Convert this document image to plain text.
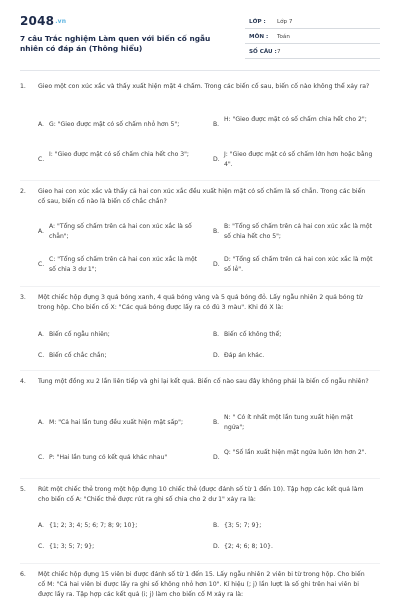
2048.vn
7 câu Trắc nghiệm Làm quen với biến cố ngẫu nhiên có đáp án (Thông hiểu)
LỚP : Lớp 7
MÔN : Toán
SỐ CÂU : 7
1.	Gieo một con xúc xắc và thấy xuất hiện mặt 4 chấm. Trong các biến cố sau, biến cố nào không thể xảy ra?
A. G: "Gieo được mặt có số chấm nhỏ hơn 5";	B.
H: "Gieo được mặt có số chấm chia hết cho 2";
C.
I: "Gieo được mặt có số chấm chia hết cho 3";
D.
J: "Gieo được mặt có số chấm lớn hơn hoặc bằng 4".
2.	Gieo hai con xúc xắc và thấy cả hai con xúc xắc đều xuất hiện mặt có số chấm là số chẵn. Trong các biến cố sau, biến cố nào là biến cố chắc chắn?
A.
A: "Tổng số chấm trên cả hai con xúc xắc là số chẵn";
B.
B: "Tổng số chấm trên cả hai con xúc xắc là một số chia hết cho 5";
C.
C: "Tổng số chấm trên cả hai con xúc xắc là một số chia 3 dư 1";
D.
D: "Tổng số chấm trên cả hai con xúc xắc là một số lẻ".
3.	Một chiếc hộp đựng 3 quả bóng xanh, 4 quả bóng vàng và 5 quả bóng đỏ. Lấy ngẫu nhiên 2 quả bóng từ trong hộp. Cho biến cố X: "Các quả bóng được lấy ra có đủ 3 màu". Khi đó X là:
A. Biến cố ngẫu nhiên;	B. Biến cố không thể;
C. Biến cố chắc chắn;	D. Đáp án khác.
4.	Tung một đồng xu 2 lần liên tiếp và ghi lại kết quả. Biến cố nào sau đây không phải là biến cố ngẫu nhiên?
A. M: "Cả hai lần tung đều xuất hiện mặt sấp";	B.
N: " Có ít nhất một lần tung xuất hiện mặt ngửa";
C. P: "Hai lần tung có kết quả khác nhau"	D.
Q: "Số lần xuất hiện mặt ngửa luôn lớn hơn 2".
5.	Rút một chiếc thẻ trong một hộp đựng 10 chiếc thẻ (được đánh số từ 1 đến 10). Tập hợp các kết quả làm cho biến cố A: "Chiếc thẻ được rút ra ghi số chia cho 2 dư 1" xảy ra là:
A. {1; 2; 3; 4; 5; 6; 7; 8; 9; 10};	B. {3; 5; 7; 9};
C. {1; 3; 5; 7; 9};	D. {2; 4; 6; 8; 10}.
6.	Một chiếc hộp đựng 15 viên bi được đánh số từ 1 đến 15. Lấy ngẫu nhiên 2 viên bi từ trong hộp. Cho biến cố M: "Cả hai viên bi được lấy ra ghi số không nhỏ hơn 10". Kí hiệu (; j) lần lượt là số ghi trên hai viên bi được lấy ra. Tập hợp các kết quả (i; j) làm cho biến cố M xảy ra là:
